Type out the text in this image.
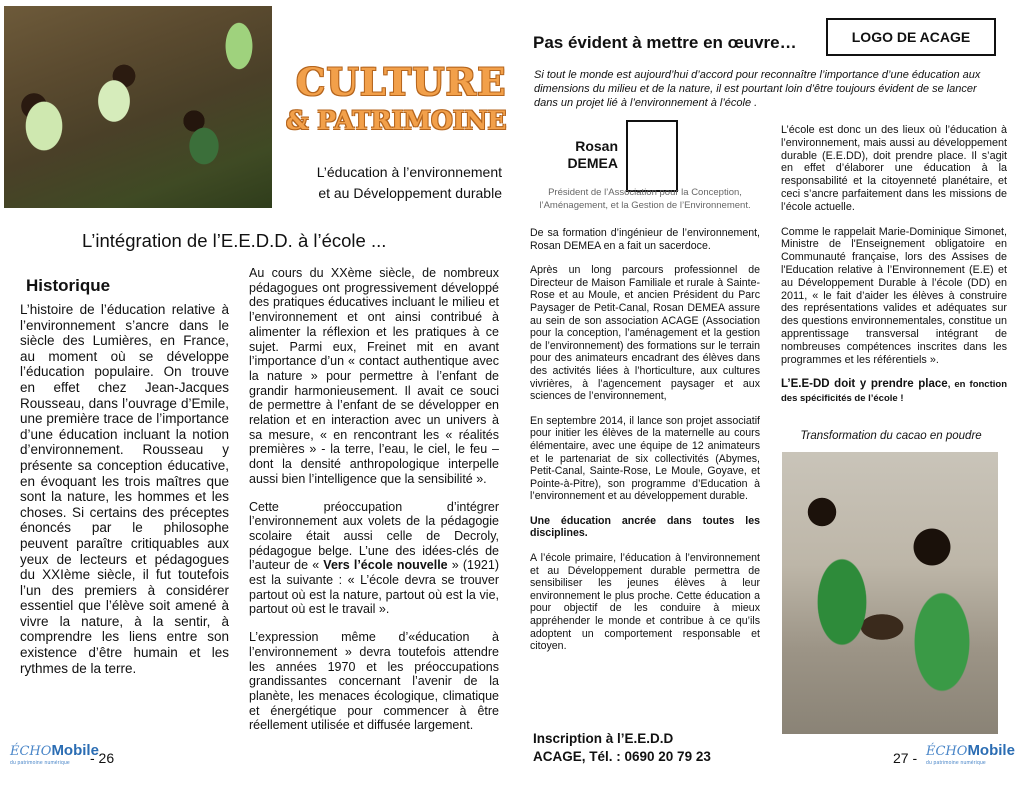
CULTURE
& PATRIMOINE
L’éducation à l’environnement
et au Développement durable
L’intégration de l’E.E.D.D. à l’école ...
Historique

L’histoire de l’éducation relative à l’environnement s’ancre dans le siècle des Lumières, en France, au moment où se développe l’éducation populaire. On trouve en effet chez Jean-Jacques Rousseau, dans l’ouvrage d’Emile, une première trace de l’importance d’une éducation incluant la notion d’environnement. Rousseau y présente sa conception éducative, en évoquant les trois maîtres que sont la nature, les hommes et les choses. Si certains des préceptes énoncés par le philosophe peuvent paraître critiquables aux yeux de lecteurs et pédagogues du XXIème siècle, il fut toutefois l’un des premiers à considérer essentiel que l’élève soit amené à vivre la nature, à la sentir, à comprendre les liens entre son existence d’être humain et les rythmes de la terre.

Au cours du XXème siècle, de nombreux pédagogues ont progressivement développé des pratiques éducatives incluant le milieu et l’environnement et ont ainsi contribué à alimenter la réflexion et les pratiques à ce sujet. Parmi eux, Freinet mit en avant l’importance d’un « contact authentique avec la nature » pour permettre à l’enfant de grandir harmonieusement. Il avait ce souci de permettre à l’enfant de se développer en relation et en interaction avec un univers à sa mesure, « en rencontrant les « réalités premières » - la terre, l’eau, le ciel, le feu – dont la densité anthropologique interpelle aussi bien l’intelligence que la sensibilité ».

Cette préoccupation d’intégrer l’environnement aux volets de la pédagogie scolaire était aussi celle de Decroly, pédagogue belge. L’une des idées-clés de l’auteur de « Vers l’école nouvelle » (1921) est la suivante : « L’école devra se trouver partout où est la nature, partout où est la vie, partout où est le travail ».

L’expression même d’«éducation à l’environnement » devra toutefois attendre les années 1970 et les préoccupations grandissantes concernant l’avenir de la planète, les menaces écologique, climatique et énergétique pour commencer à être réellement utilisée et diffusée largement.

ÉCHOMobile
du patrimoine numérique	- 26
Pas évident à mettre en œuvre…	LOGO DE ACAGE
Si tout le monde est aujourd’hui d’accord pour reconnaître l’importance d’une éducation aux dimensions du milieu et de la nature, il est pourtant loin d’être toujours évident de se lancer dans un projet lié à l’environnement à l’école .
Rosan
DEMEA
Président de l’Association pour la Conception, l’Aménagement, et la Gestion de l’Environnement.

De sa formation d’ingénieur de l’environnement, Rosan DEMEA en a fait un sacerdoce.

Après un long parcours professionnel de Directeur de Maison Familiale et rurale à Sainte-Rose et au Moule, et ancien Président du Parc Paysager de Petit-Canal, Rosan DEMEA assure au sein de son association ACAGE (Association pour la conception, l’aménagement et la gestion de l’environnement) des formations sur le terrain pour des animateurs encadrant des élèves dans des activités liées à l’horticulture, aux cultures vivrières, à l’agencement paysager et aux sciences de l’environnement,

En septembre 2014, il lance son projet associatif pour initier les élèves de la maternelle au cours élémentaire, avec une équipe de 12 animateurs et le partenariat de six collectivités (Abymes, Petit-Canal, Sainte-Rose, Le Moule, Goyave, et Pointe-à-Pitre), son programme d’Education à l’environnement et au développement durable.

Une éducation ancrée dans toutes les disciplines.

A l’école primaire, l’éducation à l’environnement et au Développement durable permettra de sensibiliser les jeunes élèves à leur environnement le plus proche. Cette éducation a pour objectif de les conduire à mieux appréhender le monde et contribue à ce qu’ils adoptent un comportement responsable et citoyen.

Inscription à l’E.E.D.D
ACAGE, Tél. : 0690 20 79 23

L’école est donc un des lieux où l’éducation à l’environnement, mais aussi au développement durable (E.E.DD), doit prendre place. Il s’agit en effet d’élaborer une éducation à la responsabilité et la citoyenneté planétaire, et ceci s’ancre parfaitement dans les missions de l’école actuelle.

Comme le rappelait Marie-Dominique Simonet, Ministre de l'Enseignement obligatoire en Communauté française, lors des Assises de l'Education relative à l’Environnement (E.E) et au Développement Durable à l’école (DD) en 2011, « le fait d’aider les élèves à construire des représentations valides et adéquates sur des questions environnementales, constitue un apprentissage transversal intégrant de nombreuses compétences inscrites dans les programmes et les référentiels ».

L’E.E-DD doit y prendre place, en fonction des spécificités de l’école !

Transformation du cacao en poudre
27 - ÉCHOMobile
du patrimoine numérique
